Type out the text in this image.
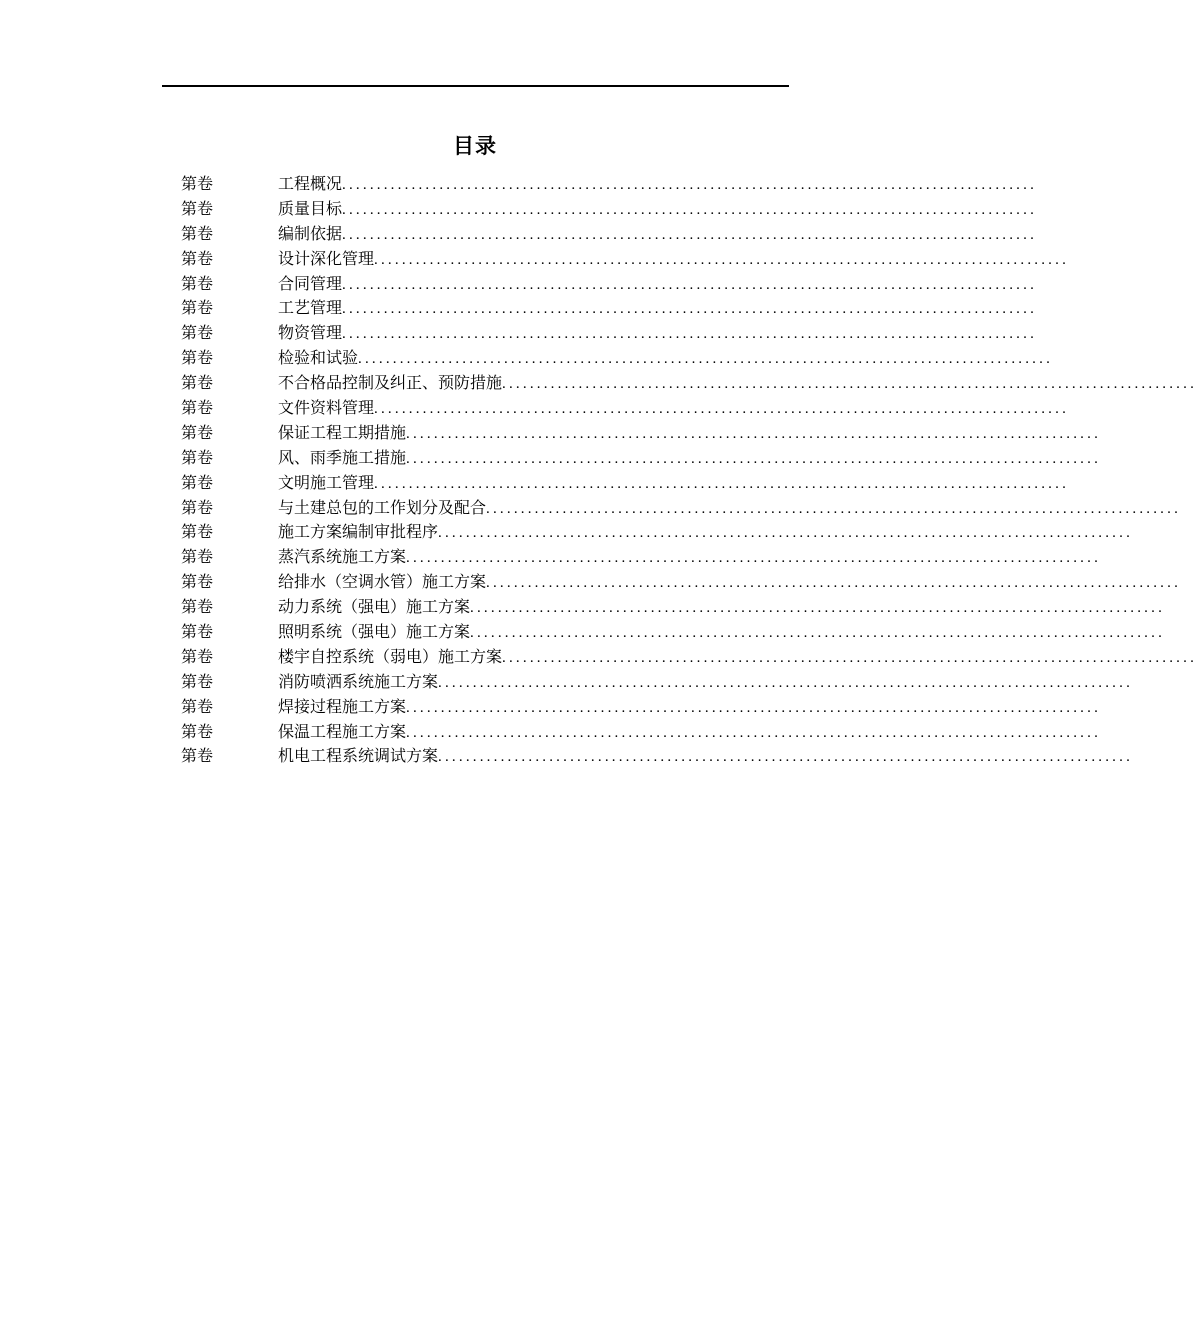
目录
第卷	工程概况 ....................................................................................................
第卷	质量目标 ....................................................................................................
第卷	编制依据 ....................................................................................................
第卷	设计深化管理 ....................................................................................................
第卷	合同管理 ....................................................................................................
第卷	工艺管理 ....................................................................................................
第卷	物资管理 ....................................................................................................
第卷	检验和试验 ....................................................................................................
第卷	不合格品控制及纠正、预防措施 ....................................................................................................
第卷	文件资料管理 ....................................................................................................
第卷	保证工程工期措施 ....................................................................................................
第卷	风、雨季施工措施 ....................................................................................................
第卷	文明施工管理 ....................................................................................................
第卷	与土建总包的工作划分及配合 ....................................................................................................
第卷	施工方案编制审批程序 ....................................................................................................
第卷	蒸汽系统施工方案 ....................................................................................................
第卷	给排水（空调水管）施工方案 ....................................................................................................
第卷	动力系统（强电）施工方案 ....................................................................................................
第卷	照明系统（强电）施工方案 ....................................................................................................
第卷	楼宇自控系统（弱电）施工方案 ....................................................................................................
第卷	消防喷洒系统施工方案 ....................................................................................................
第卷	焊接过程施工方案 ....................................................................................................
第卷	保温工程施工方案 ....................................................................................................
第卷	机电工程系统调试方案 ....................................................................................................
